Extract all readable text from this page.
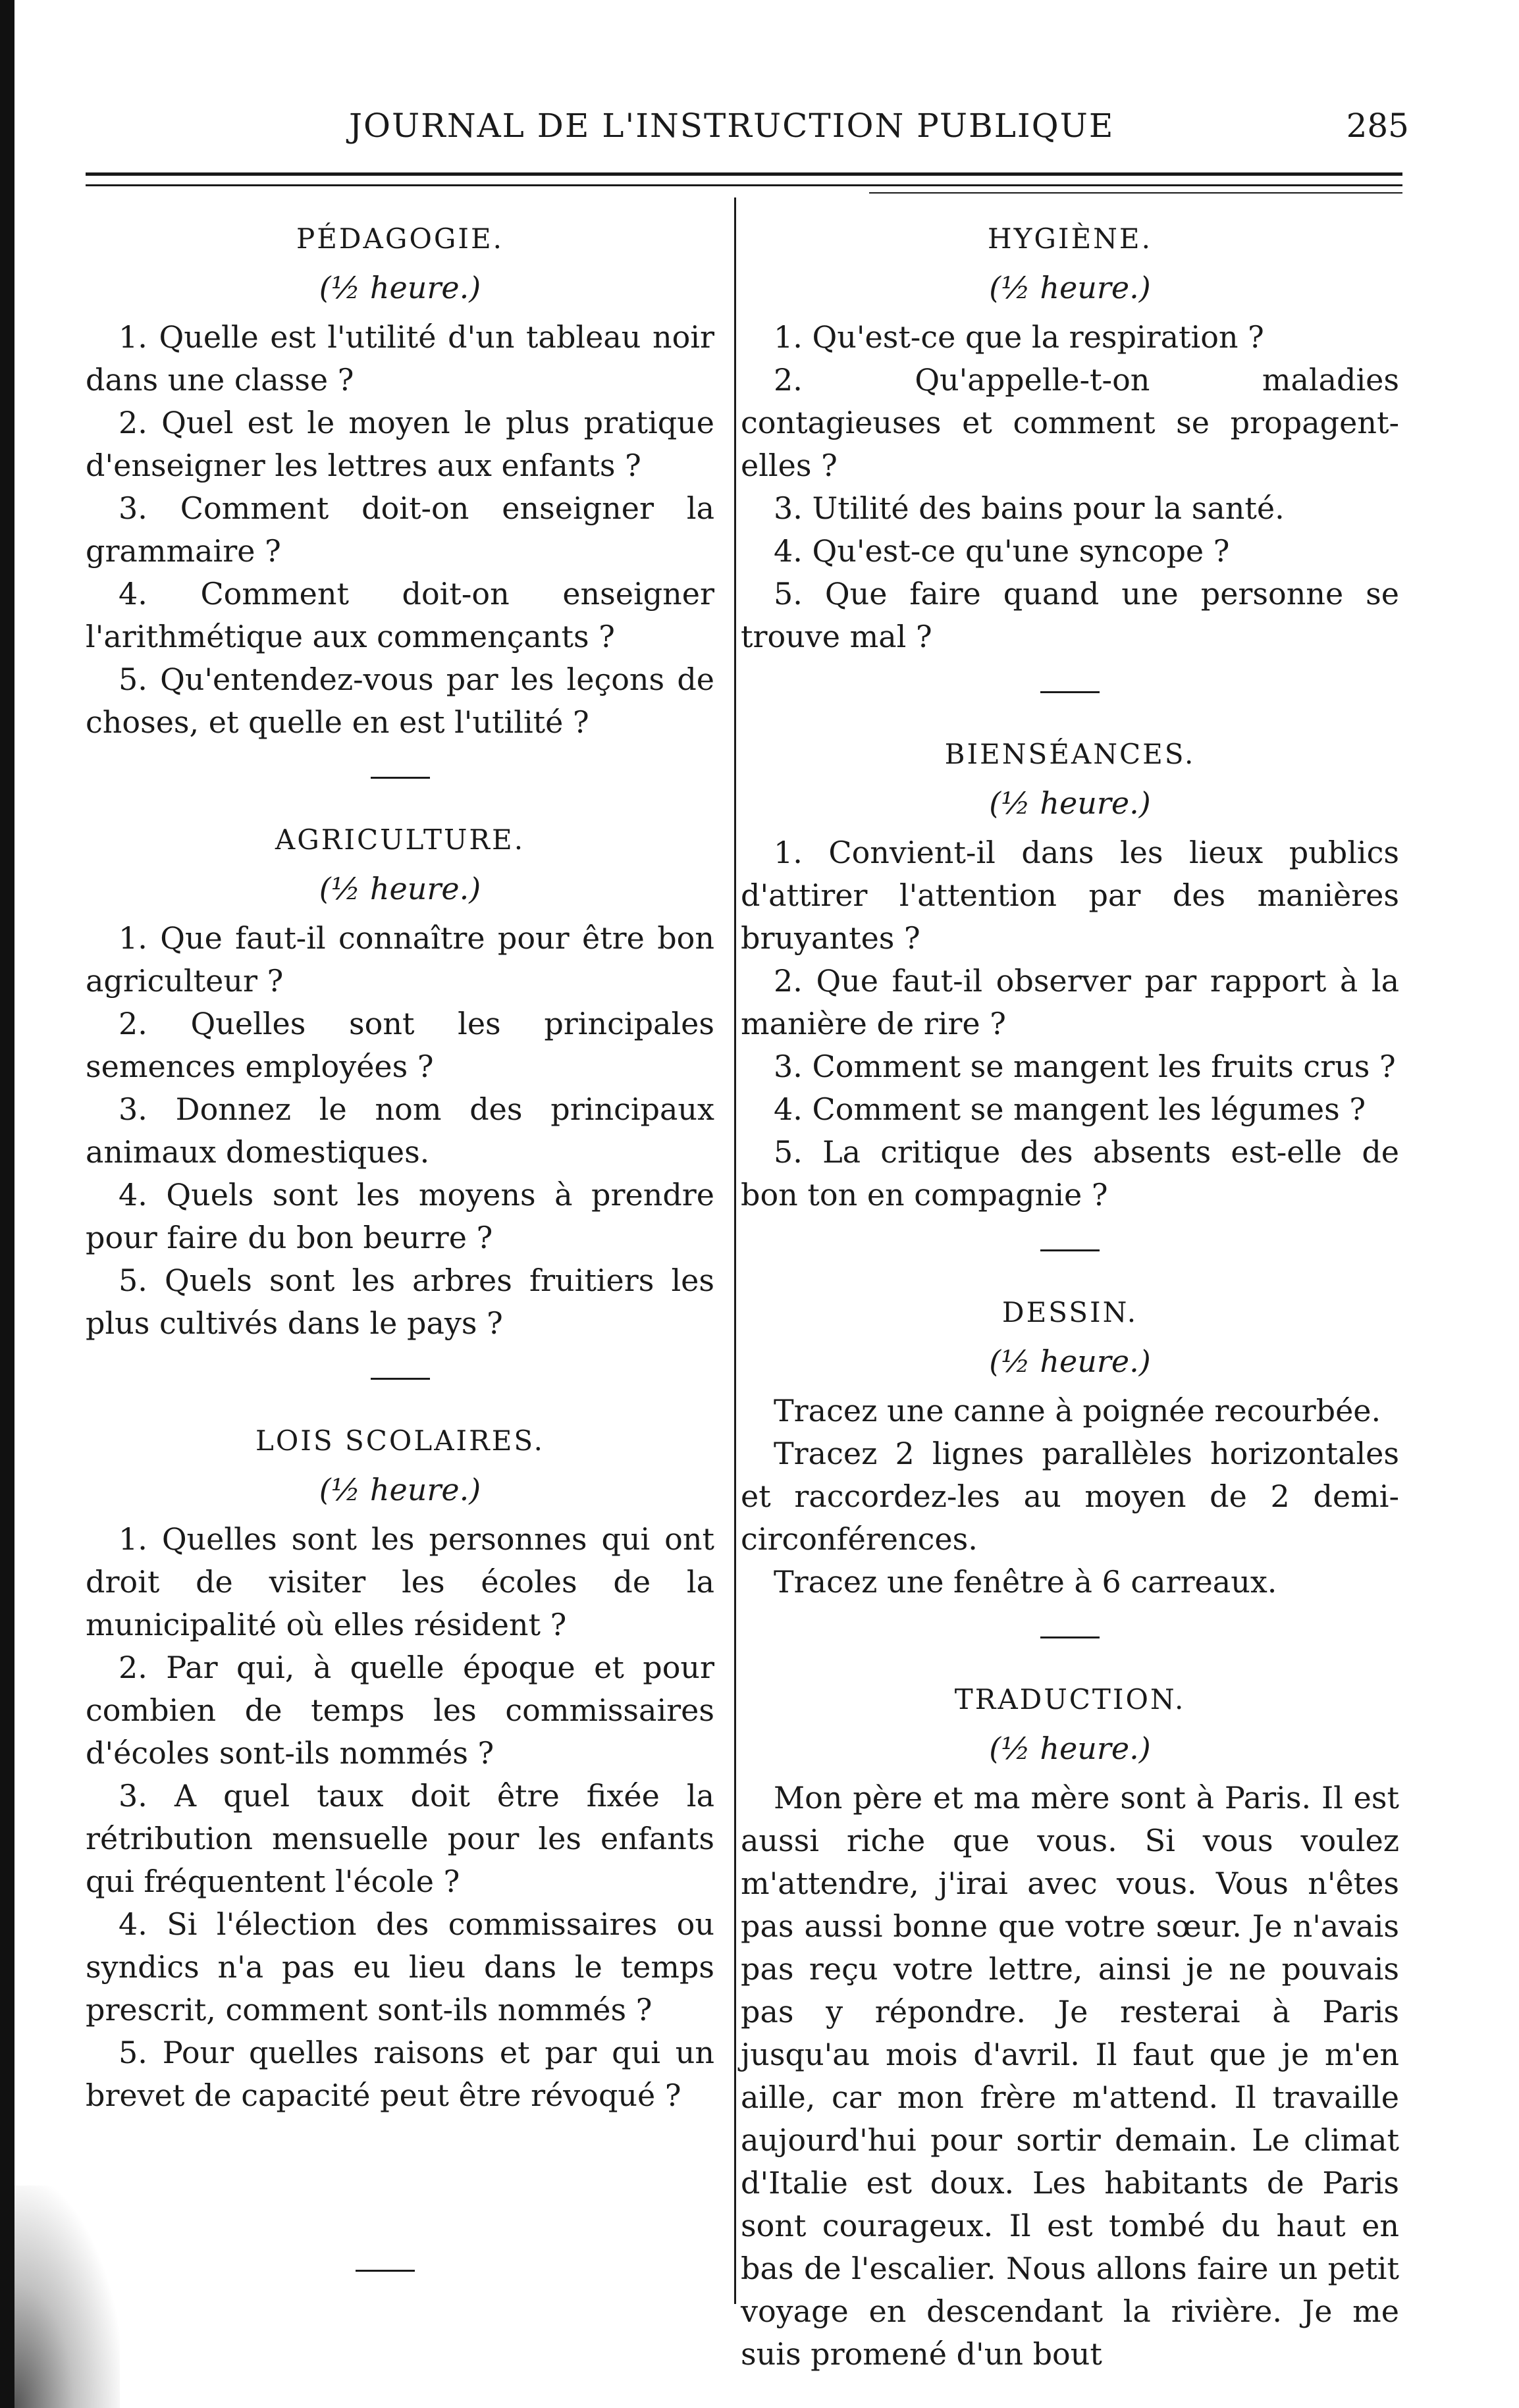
JOURNAL DE L'INSTRUCTION PUBLIQUE	285
PÉDAGOGIE.
(½ heure.)

1. Quelle est l'utilité d'un tableau noir dans une classe ?

2. Quel est le moyen le plus pratique d'enseigner les lettres aux enfants ?

3. Comment doit-on enseigner la grammaire ?

4. Comment doit-on enseigner l'arithmétique aux commençants ?

5. Qu'entendez-vous par les leçons de choses, et quelle en est l'utilité ?

AGRICULTURE.
(½ heure.)

1. Que faut-il connaître pour être bon agriculteur ?

2. Quelles sont les principales semences employées ?

3. Donnez le nom des principaux animaux domestiques.

4. Quels sont les moyens à prendre pour faire du bon beurre ?

5. Quels sont les arbres fruitiers les plus cultivés dans le pays ?

LOIS SCOLAIRES.
(½ heure.)

1. Quelles sont les personnes qui ont droit de visiter les écoles de la municipalité où elles résident ?

2. Par qui, à quelle époque et pour combien de temps les commissaires d'écoles sont-ils nommés ?

3. A quel taux doit être fixée la rétribution mensuelle pour les enfants qui fréquentent l'école ?

4. Si l'élection des commissaires ou syndics n'a pas eu lieu dans le temps prescrit, comment sont-ils nommés ?

5. Pour quelles raisons et par qui un brevet de capacité peut être révoqué ?

HYGIÈNE.
(½ heure.)

1. Qu'est-ce que la respiration ?

2. Qu'appelle-t-on maladies contagieuses et comment se propagent-elles ?

3. Utilité des bains pour la santé.

4. Qu'est-ce qu'une syncope ?

5. Que faire quand une personne se trouve mal ?

BIENSÉANCES.
(½ heure.)

1. Convient-il dans les lieux publics d'attirer l'attention par des manières bruyantes ?

2. Que faut-il observer par rapport à la manière de rire ?

3. Comment se mangent les fruits crus ?

4. Comment se mangent les légumes ?

5. La critique des absents est-elle de bon ton en compagnie ?

DESSIN.
(½ heure.)

Tracez une canne à poignée recourbée.

Tracez 2 lignes parallèles horizontales et raccordez-les au moyen de 2 demi-circonférences.

Tracez une fenêtre à 6 carreaux.

TRADUCTION.
(½ heure.)

Mon père et ma mère sont à Paris. Il est aussi riche que vous. Si vous voulez m'attendre, j'irai avec vous. Vous n'êtes pas aussi bonne que votre sœur. Je n'avais pas reçu votre lettre, ainsi je ne pouvais pas y répondre. Je resterai à Paris jusqu'au mois d'avril. Il faut que je m'en aille, car mon frère m'attend. Il travaille aujourd'hui pour sortir demain. Le climat d'Italie est doux. Les habitants de Paris sont courageux. Il est tombé du haut en bas de l'escalier. Nous allons faire un petit voyage en descendant la rivière. Je me suis promené d'un bout
